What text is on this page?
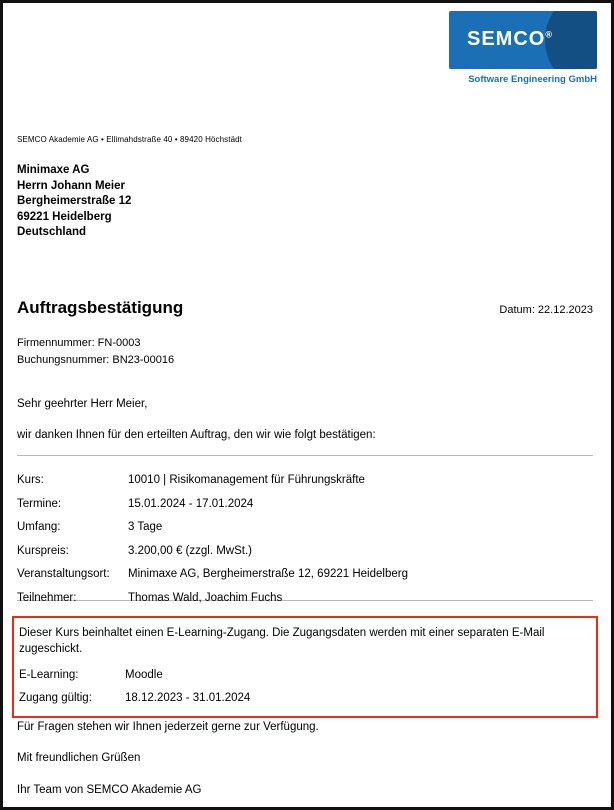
SEMCO®
Software Engineering GmbH
SEMCO Akademie AG • Ellimahdstraße 40 • 89420 Höchstädt
Minimaxe AG
Herrn Johann Meier
Bergheimerstraße 12
69221 Heidelberg
Deutschland
Auftragsbestätigung	Datum: 22.12.2023
Firmennummer: FN-0003
Buchungsnummer: BN23-00016
Sehr geehrter Herr Meier,
wir danken Ihnen für den erteilten Auftrag, den wir wie folgt bestätigen:
Kurs:	10010 | Risikomanagement für Führungskräfte
Termine:	15.01.2024 - 17.01.2024
Umfang:	3 Tage
Kurspreis:	3.200,00 € (zzgl. MwSt.)
Veranstaltungsort:	Minimaxe AG, Bergheimerstraße 12, 69221 Heidelberg
Teilnehmer:	Thomas Wald, Joachim Fuchs
Dieser Kurs beinhaltet einen E-Learning-Zugang. Die Zugangsdaten werden mit einer separaten E-Mail zugeschickt.
E-Learning:	Moodle
Zugang gültig:	18.12.2023 - 31.01.2024
Für Fragen stehen wir Ihnen jederzeit gerne zur Verfügung.
Mit freundlichen Grüßen
Ihr Team von SEMCO Akademie AG
